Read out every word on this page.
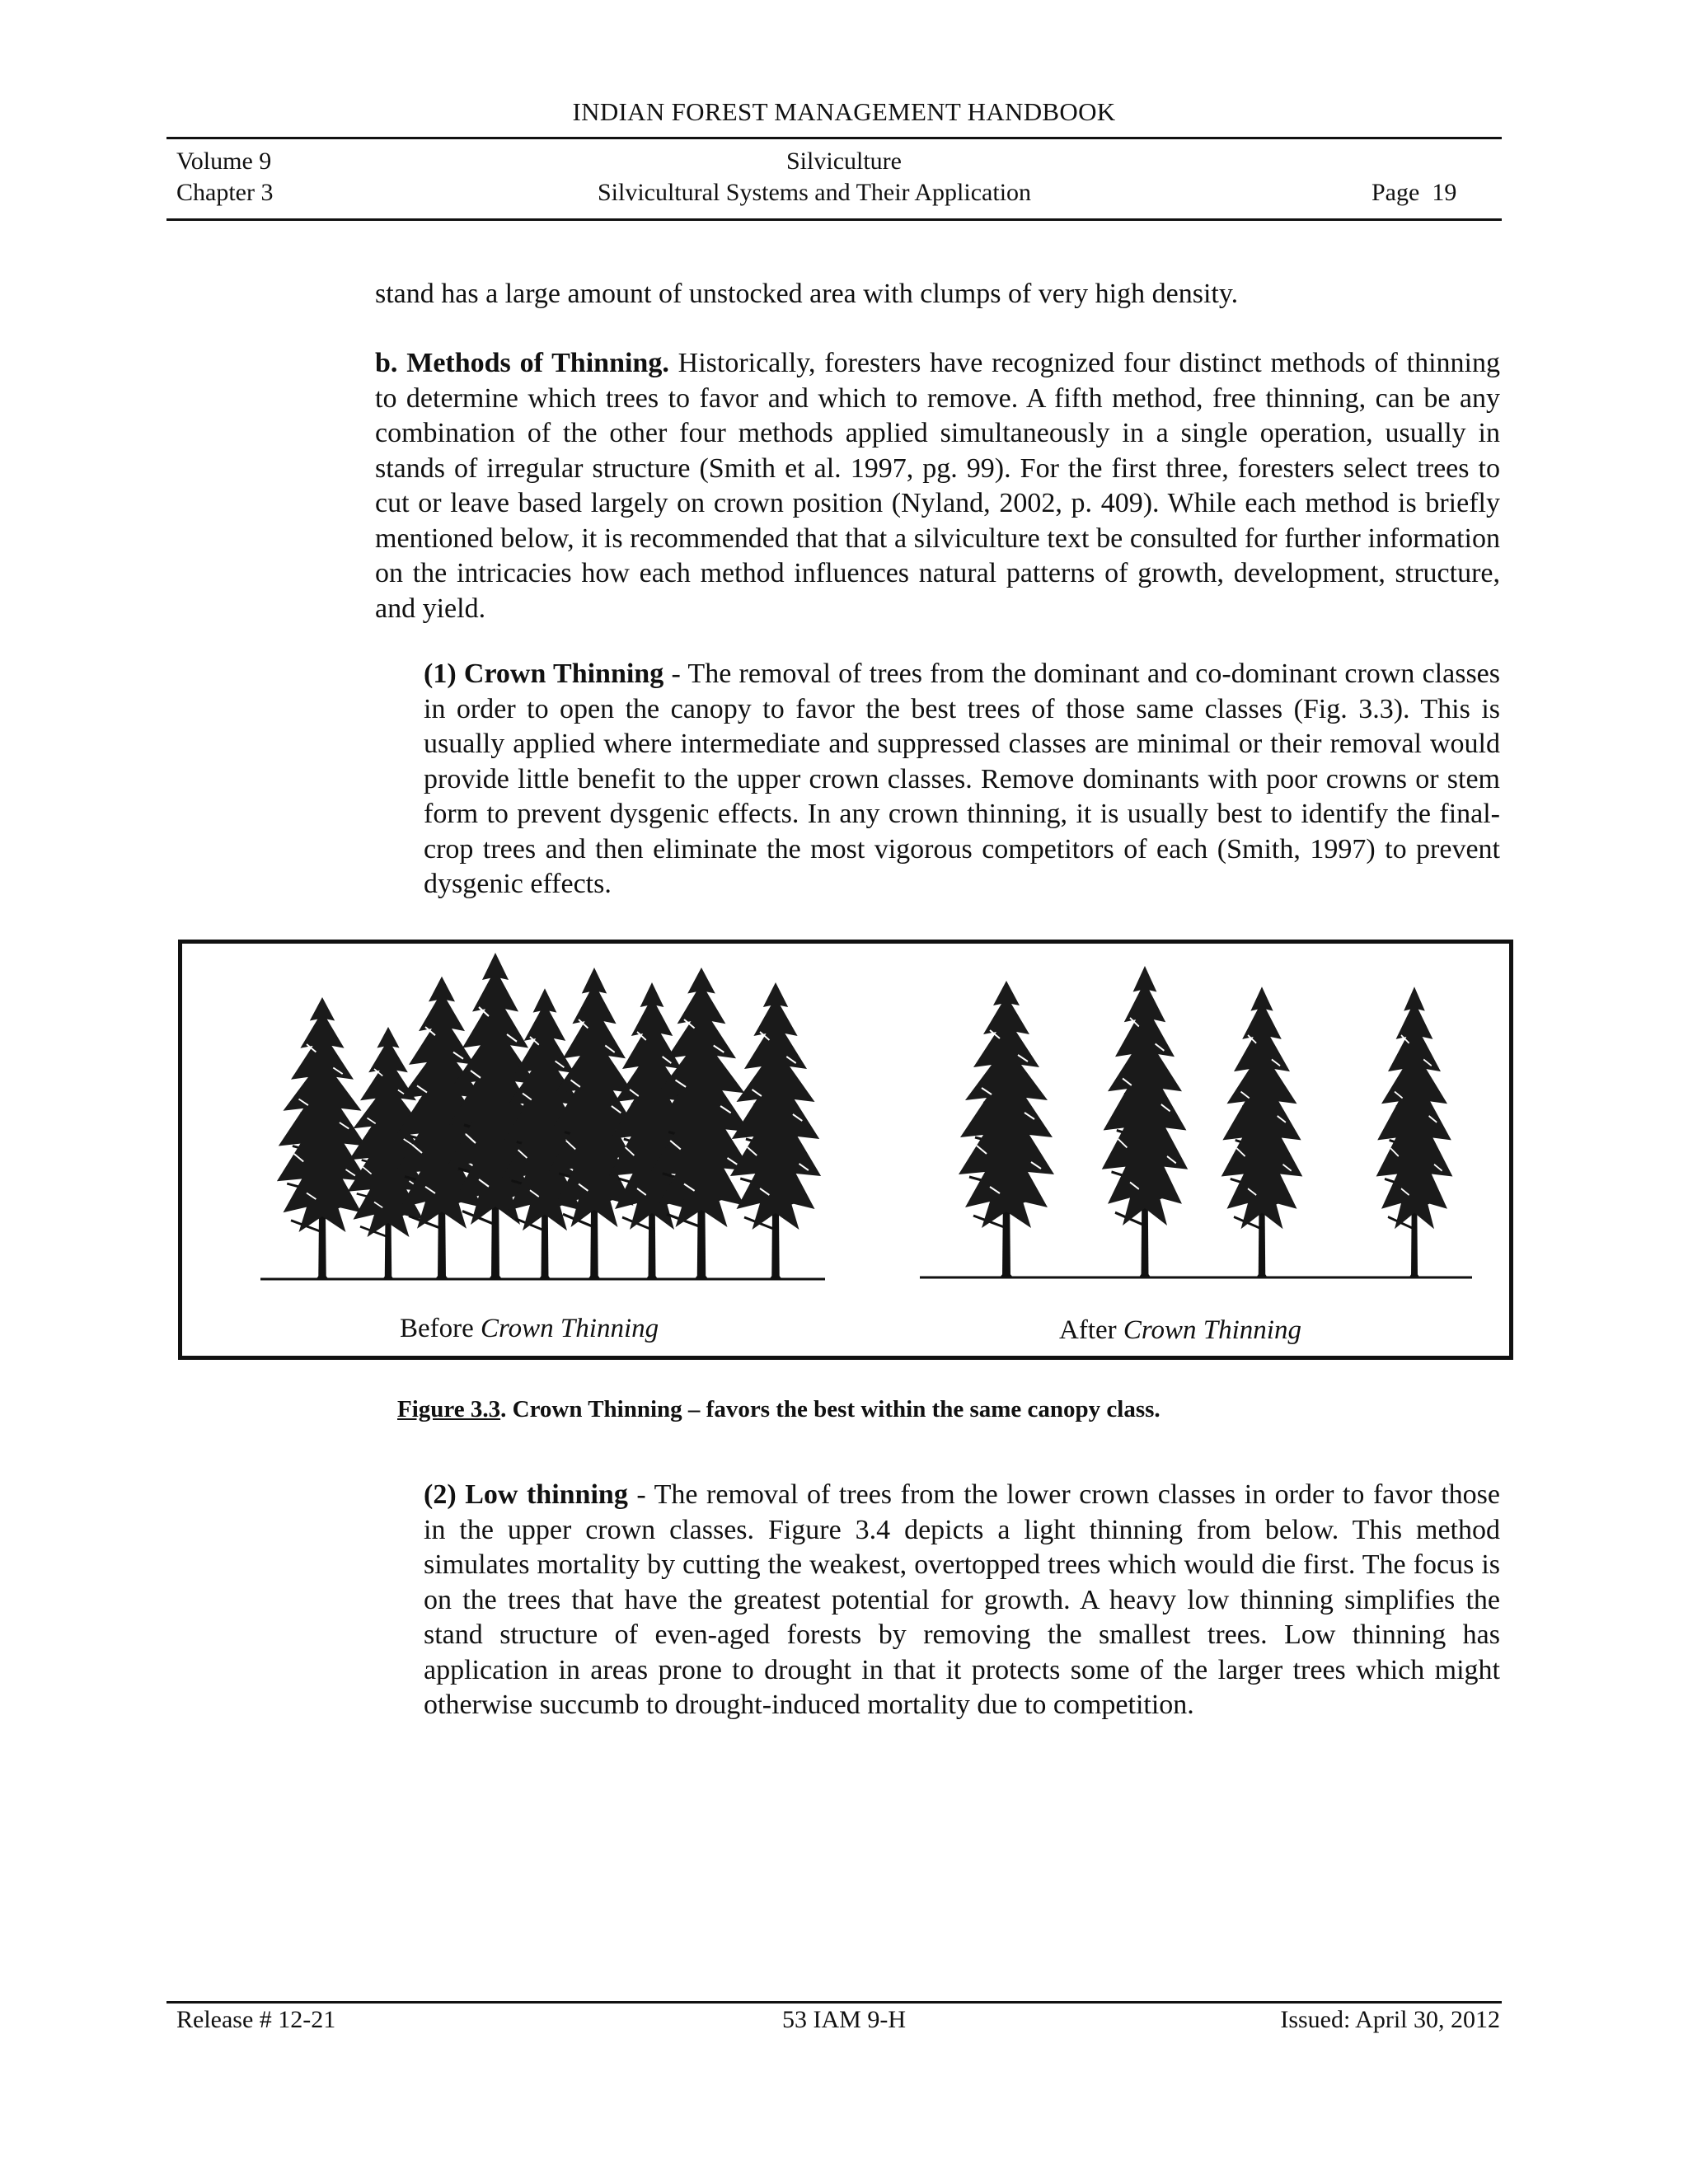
INDIAN FOREST MANAGEMENT HANDBOOK
Volume 9	Silviculture
Chapter 3	Silvicultural Systems and Their Application	Page  19
stand has a large amount of unstocked area with clumps of very high density.
b. Methods of Thinning. Historically, foresters have recognized four distinct methods of thinning to determine which trees to favor and which to remove. A fifth method, free thinning, can be any combination of the other four methods applied simultaneously in a single operation, usually in stands of irregular structure (Smith et al. 1997, pg. 99). For the first three, foresters select trees to cut or leave based largely on crown position (Nyland, 2002, p. 409). While each method is briefly mentioned below, it is recommended that that a silviculture text be consulted for further information on the intricacies how each method influences natural patterns of growth, development, structure, and yield.
(1) Crown Thinning - The removal of trees from the dominant and co-dominant crown classes in order to open the canopy to favor the best trees of those same classes (Fig. 3.3). This is usually applied where intermediate and suppressed classes are minimal or their removal would provide little benefit to the upper crown classes. Remove dominants with poor crowns or stem form to prevent dysgenic effects. In any crown thinning, it is usually best to identify the final-crop trees and then eliminate the most vigorous competitors of each (Smith, 1997) to prevent dysgenic effects.
Before Crown Thinning	After Crown Thinning
Figure 3.3. Crown Thinning – favors the best within the same canopy class.
(2) Low thinning - The removal of trees from the lower crown classes in order to favor those in the upper crown classes. Figure 3.4 depicts a light thinning from below. This method simulates mortality by cutting the weakest, overtopped trees which would die first. The focus is on the trees that have the greatest potential for growth. A heavy low thinning simplifies the stand structure of even-aged forests by removing the smallest trees. Low thinning has application in areas prone to drought in that it protects some of the larger trees which might otherwise succumb to drought-induced mortality due to competition.
Release # 12-21	53 IAM 9-H	Issued: April 30, 2012
